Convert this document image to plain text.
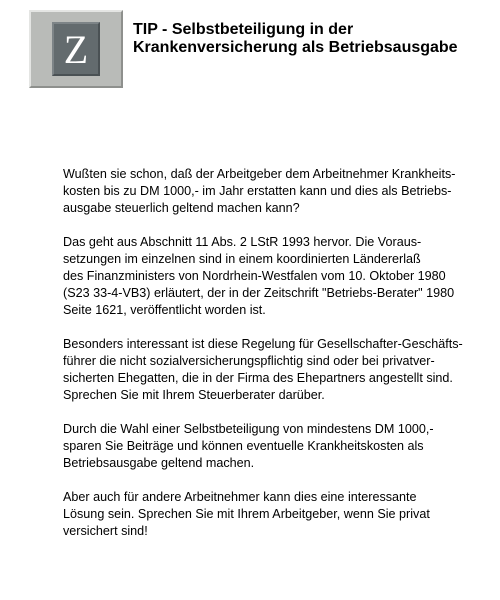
Z	TIP - Selbstbeteiligung in der
Krankenversicherung als Betriebsausgabe

Wußten sie schon, daß der Arbeitgeber dem Arbeitnehmer Krankheits-
kosten bis zu DM 1000,- im Jahr erstatten kann und dies als Betriebs-
ausgabe steuerlich geltend machen kann?

Das geht aus Abschnitt 11 Abs. 2 LStR 1993 hervor. Die Voraus-
setzungen im einzelnen sind in einem koordinierten Ländererlaß
des Finanzministers von Nordrhein-Westfalen vom 10. Oktober 1980
(S23 33-4-VB3) erläutert, der in der Zeitschrift "Betriebs-Berater" 1980
Seite 1621, veröffentlicht worden ist.

Besonders interessant ist diese Regelung für Gesellschafter-Geschäfts-
führer die nicht sozialversicherungspflichtig sind oder bei privatver-
sicherten Ehegatten, die in der Firma des Ehepartners angestellt sind.
Sprechen Sie mit Ihrem Steuerberater darüber.

Durch die Wahl einer Selbstbeteiligung von mindestens DM 1000,-
sparen Sie Beiträge und können eventuelle Krankheitskosten als
Betriebsausgabe geltend machen.

Aber auch für andere Arbeitnehmer kann dies eine interessante
Lösung sein. Sprechen Sie mit Ihrem Arbeitgeber, wenn Sie privat
versichert sind!
